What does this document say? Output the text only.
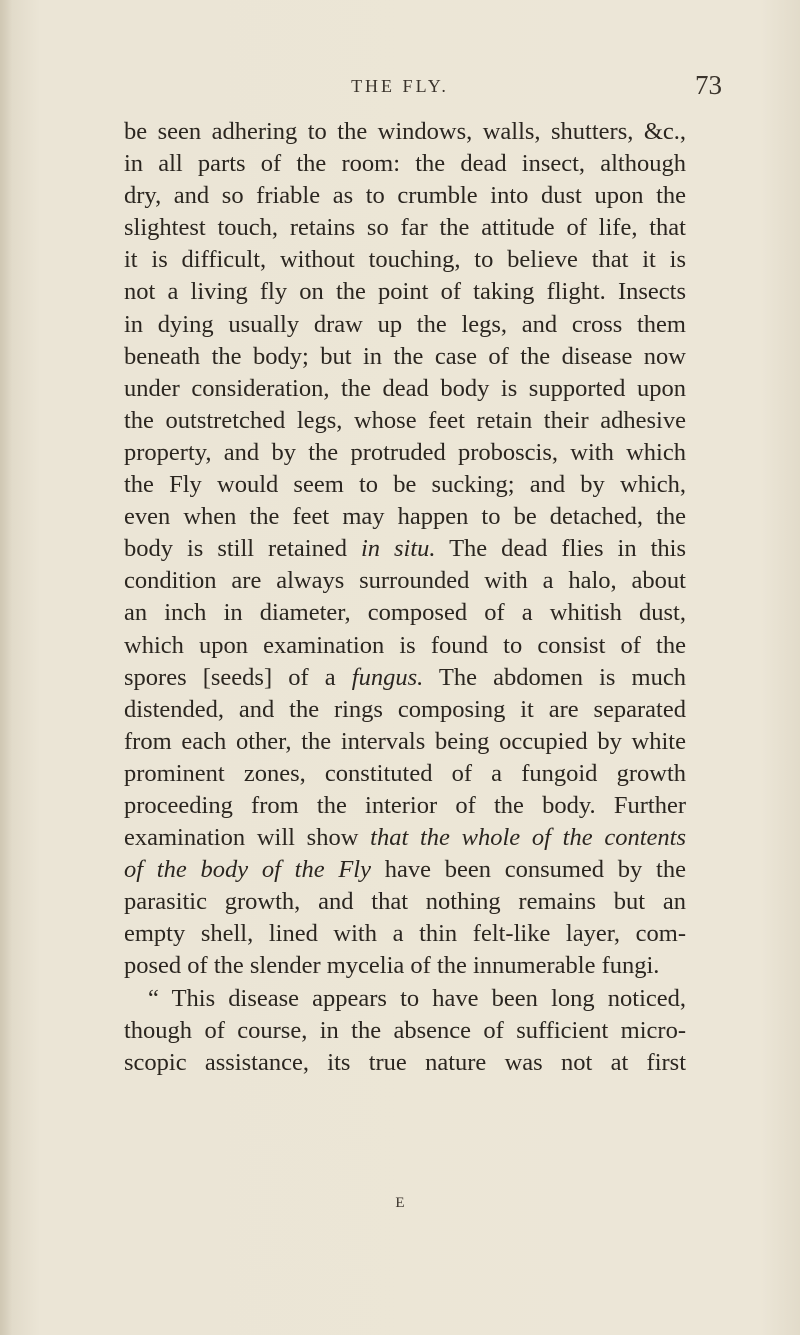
THE FLY.	73
be seen adhering to the windows, walls, shutters, &c.,
in all parts of the room: the dead insect, although
dry, and so friable as to crumble into dust upon the
slightest touch, retains so far the attitude of life, that
it is difficult, without touching, to believe that it is
not a living fly on the point of taking flight. Insects
in dying usually draw up the legs, and cross them
beneath the body; but in the case of the disease now
under consideration, the dead body is supported upon
the outstretched legs, whose feet retain their adhesive
property, and by the protruded proboscis, with which
the Fly would seem to be sucking; and by which,
even when the feet may happen to be detached, the
body is still retained in situ. The dead flies in this
condition are always surrounded with a halo, about
an inch in diameter, composed of a whitish dust,
which upon examination is found to consist of the
spores [seeds] of a fungus. The abdomen is much
distended, and the rings composing it are separated
from each other, the intervals being occupied by white
prominent zones, constituted of a fungoid growth
proceeding from the interior of the body. Further
examination will show that the whole of the contents
of the body of the Fly have been consumed by the
parasitic growth, and that nothing remains but an
empty shell, lined with a thin felt-like layer, com-
posed of the slender mycelia of the innumerable fungi.
“ This disease appears to have been long noticed,
though of course, in the absence of sufficient micro-
scopic assistance, its true nature was not at first
E
